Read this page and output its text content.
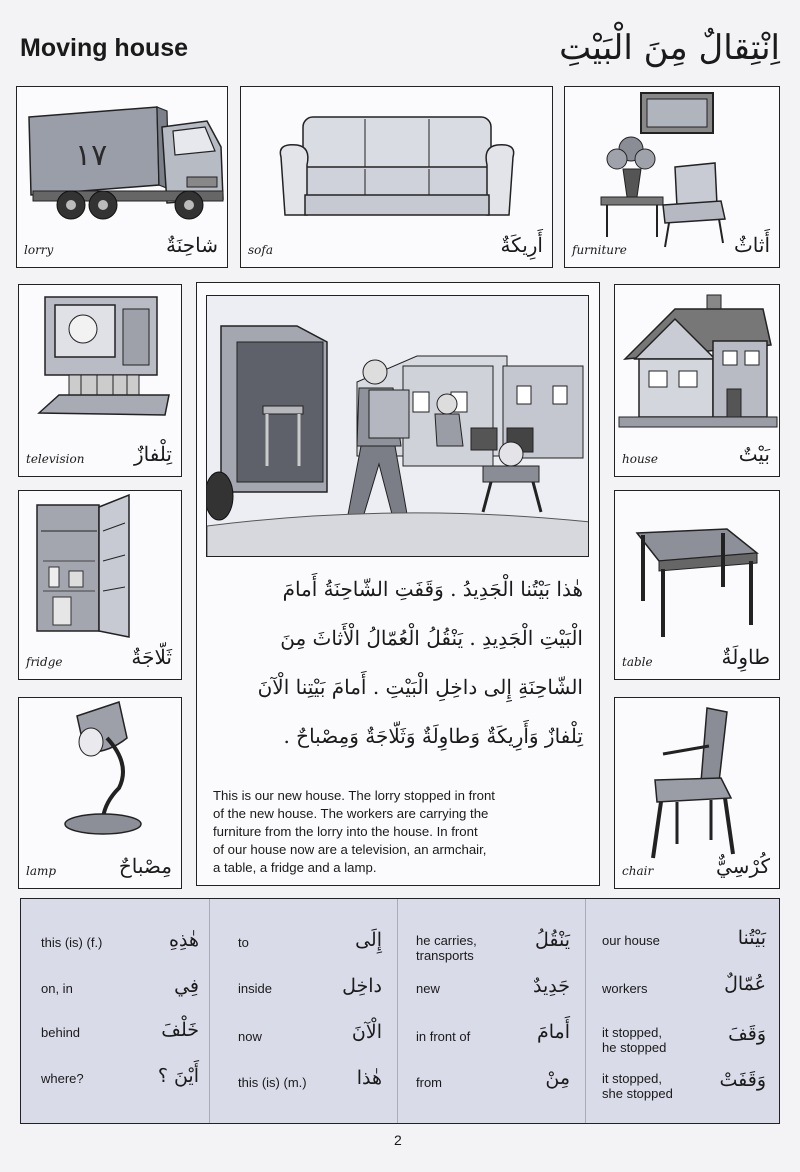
Moving house	اِنْتِقالٌ مِنَ الْبَيْتِ
١٧
lorry	شاحِنَةٌ	sofa	أَرِيكَةٌ furniture	أَثاثٌ
television تِلْفازٌ
fridge	ثَلّاجَةٌ
lamp	مِصْباحٌ
house	بَيْتٌ
table	طاوِلَةٌ
chair	كُرْسِيٌّ
هٰذا بَيْتُنا الْجَدِيدُ . وَقَفَتِ الشّاحِنَةُ أَمامَ
الْبَيْتِ الْجَدِيدِ . يَنْقُلُ الْعُمّالُ الْأَثاثَ مِنَ
الشّاحِنَةِ إِلى داخِلِ الْبَيْتِ . أَمامَ بَيْتِنا الْآنَ
تِلْفازٌ وَأَرِيكَةٌ وَطاوِلَةٌ وَثَلّاجَةٌ وَمِصْباحٌ .
This is our new house. The lorry stopped in front
of the new house. The workers are carrying the
furniture from the lorry into the house. In front
of our house now are a television, an armchair,
a table, a fridge and a lamp.
this (is) (f.)	هٰذِهِ
on, in	فِي
behind	خَلْفَ
where?	أَيْنَ ؟
to	إِلَى
inside	داخِل
now	الْآنَ
this (is) (m.)	هٰذا
he carries,
transports
يَنْقُلُ
new	جَدِيدٌ
in front of	أَمامَ
from	مِنْ
our house	بَيْتُنا
workers	عُمّالٌ
it stopped,
he stopped
وَقَفَ
it stopped,
she stopped
وَقَفَتْ
2
